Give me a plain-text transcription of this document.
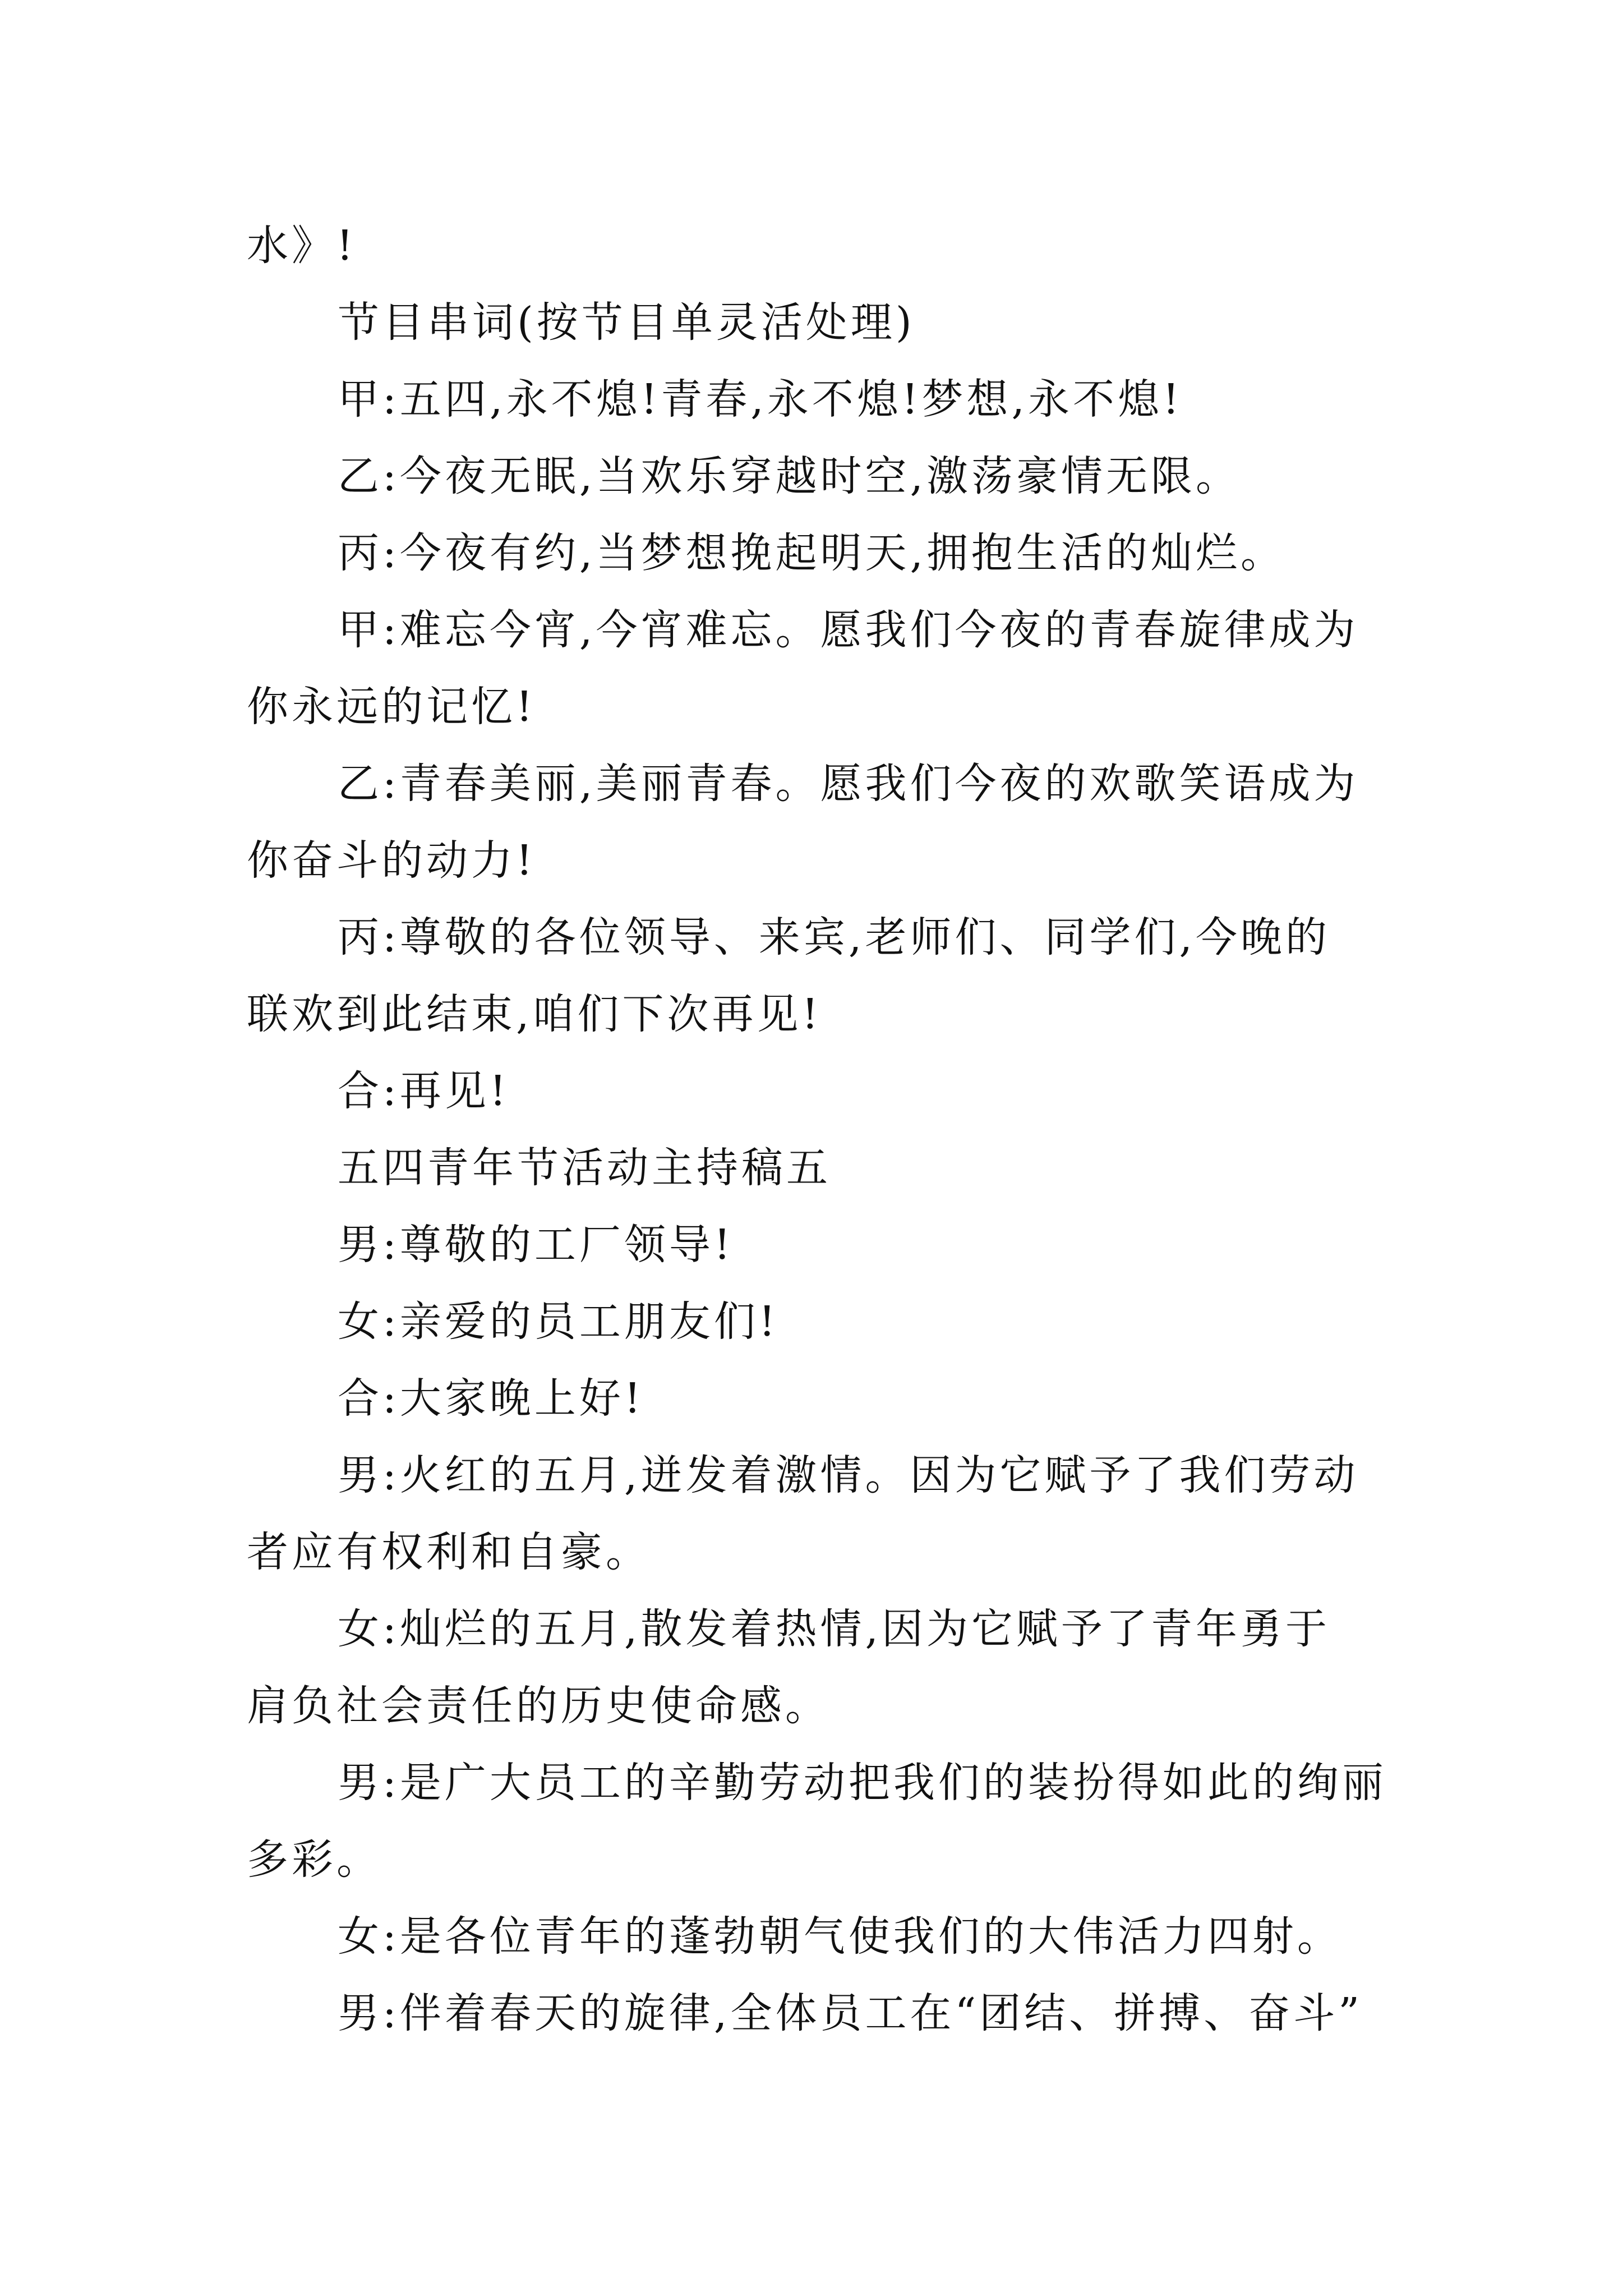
水》!
节目串词(按节目单灵活处理)
甲:五四,永不熄!青春,永不熄!梦想,永不熄!
乙:今夜无眠,当欢乐穿越时空,激荡豪情无限。
丙:今夜有约,当梦想挽起明天,拥抱生活的灿烂。
甲:难忘今宵,今宵难忘。愿我们今夜的青春旋律成为
你永远的记忆!
乙:青春美丽,美丽青春。愿我们今夜的欢歌笑语成为
你奋斗的动力!
丙:尊敬的各位领导、来宾,老师们、同学们,今晚的
联欢到此结束,咱们下次再见!
合:再见!
五四青年节活动主持稿五
男:尊敬的工厂领导!
女:亲爱的员工朋友们!
合:大家晚上好!
男:火红的五月,迸发着激情。因为它赋予了我们劳动
者应有权利和自豪。
女:灿烂的五月,散发着热情,因为它赋予了青年勇于
肩负社会责任的历史使命感。
男:是广大员工的辛勤劳动把我们的装扮得如此的绚丽
多彩。
女:是各位青年的蓬勃朝气使我们的大伟活力四射。
男:伴着春天的旋律,全体员工在“团结、拼搏、奋斗”
